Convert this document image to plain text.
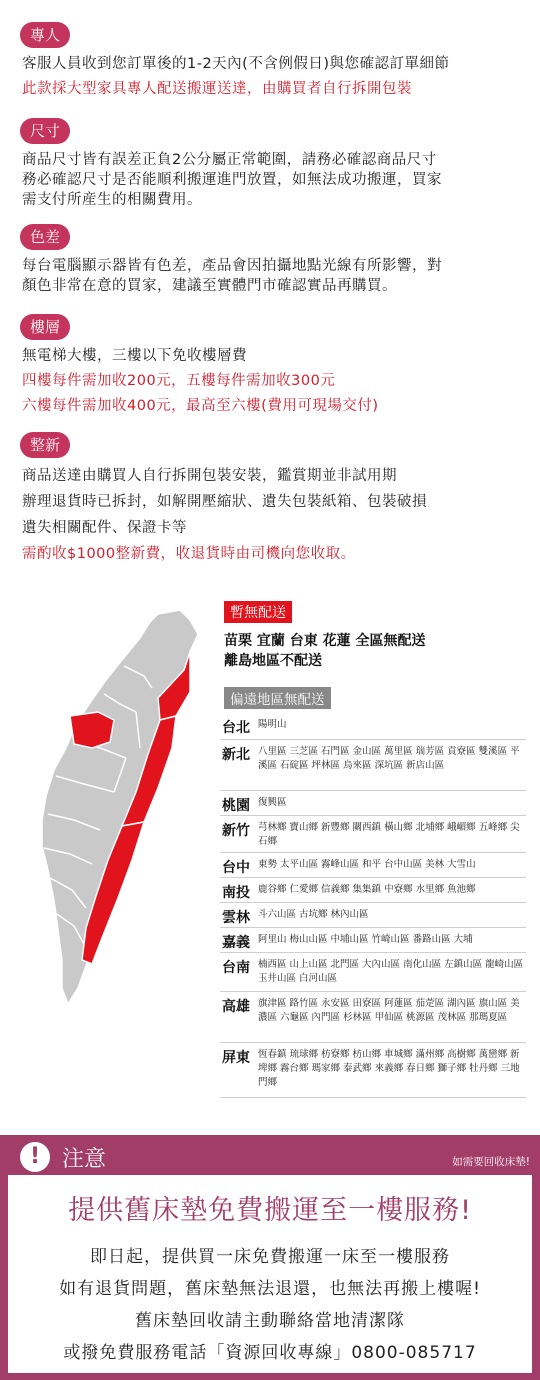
專人
客服人員收到您訂單後的1-2天內(不含例假日)與您確認訂單細節
此款採大型家具專人配送搬運送達，由購買者自行拆開包裝
尺寸
商品尺寸皆有誤差正負2公分屬正常範圍，請務必確認商品尺寸
務必確認尺寸是否能順利搬運進門放置，如無法成功搬運，買家
需支付所産生的相關費用。
色差
每台電腦顯示器皆有色差，產品會因拍攝地點光線有所影響，對
顏色非常在意的買家，建議至實體門市確認實品再購買。
樓層
無電梯大樓，三樓以下免收樓層費
四樓每件需加收200元，五樓每件需加收300元
六樓每件需加收400元，最高至六樓(費用可現場交付)
整新
商品送達由購買人自行拆開包裝安裝，鑑賞期並非試用期
辦理退貨時已拆封，如解開壓縮狀、遺失包裝紙箱、包裝破損
遺失相關配件、保證卡等
需酌收$1000整新費，收退貨時由司機向您收取。
暫無配送
苗栗 宜蘭 台東 花蓮 全區無配送
離島地區不配送
偏遠地區無配送
台北 陽明山
新北 八里區 三芝區 石門區 金山區 萬里區 瑞芳區 貢寮區 雙溪區 平溪區 石碇區 坪林區 烏來區 深坑區 新店山區
桃園 復興區
新竹 芎林鄉 寶山鄉 新豐鄉 關西鎮 橫山鄉 北埔鄉 峨嵋鄉 五峰鄉 尖石鄉
台中 東勢 太平山區 霧峰山區 和平 台中山區 美林 大雪山
南投 鹿谷鄉 仁愛鄉 信義鄉 集集鎮 中寮鄉 水里鄉 魚池鄉
雲林 斗六山區 古坑鄉 林內山區
嘉義 阿里山 梅山山區 中埔山區 竹崎山區 番路山區 大埔
台南 楠西區 山上山區 北門區 大內山區 南化山區 左鎮山區 龍崎山區 玉井山區 白河山區
高雄 旗津區 路竹區 永安區 田寮區 阿蓮區 茄萣區 湖內區 旗山區 美濃區 六龜區 內門區 杉林區 甲仙區 桃源區 茂林區 那瑪夏區
屏東 恆春鎮 琉球鄉 枋寮鄉 枋山鄉 車城鄉 滿州鄉 高樹鄉 萬巒鄉 新埤鄉 霧台鄉 瑪家鄉 泰武鄉 來義鄉 春日鄉 獅子鄉 牡丹鄉 三地門鄉
! 注意	如需要回收床墊!
提供舊床墊免費搬運至一樓服務!
即日起，提供買一床免費搬運一床至一樓服務
如有退貨問題，舊床墊無法退還，也無法再搬上樓喔!
舊床墊回收請主動聯絡當地清潔隊
或撥免費服務電話「資源回收專線」0800-085717
